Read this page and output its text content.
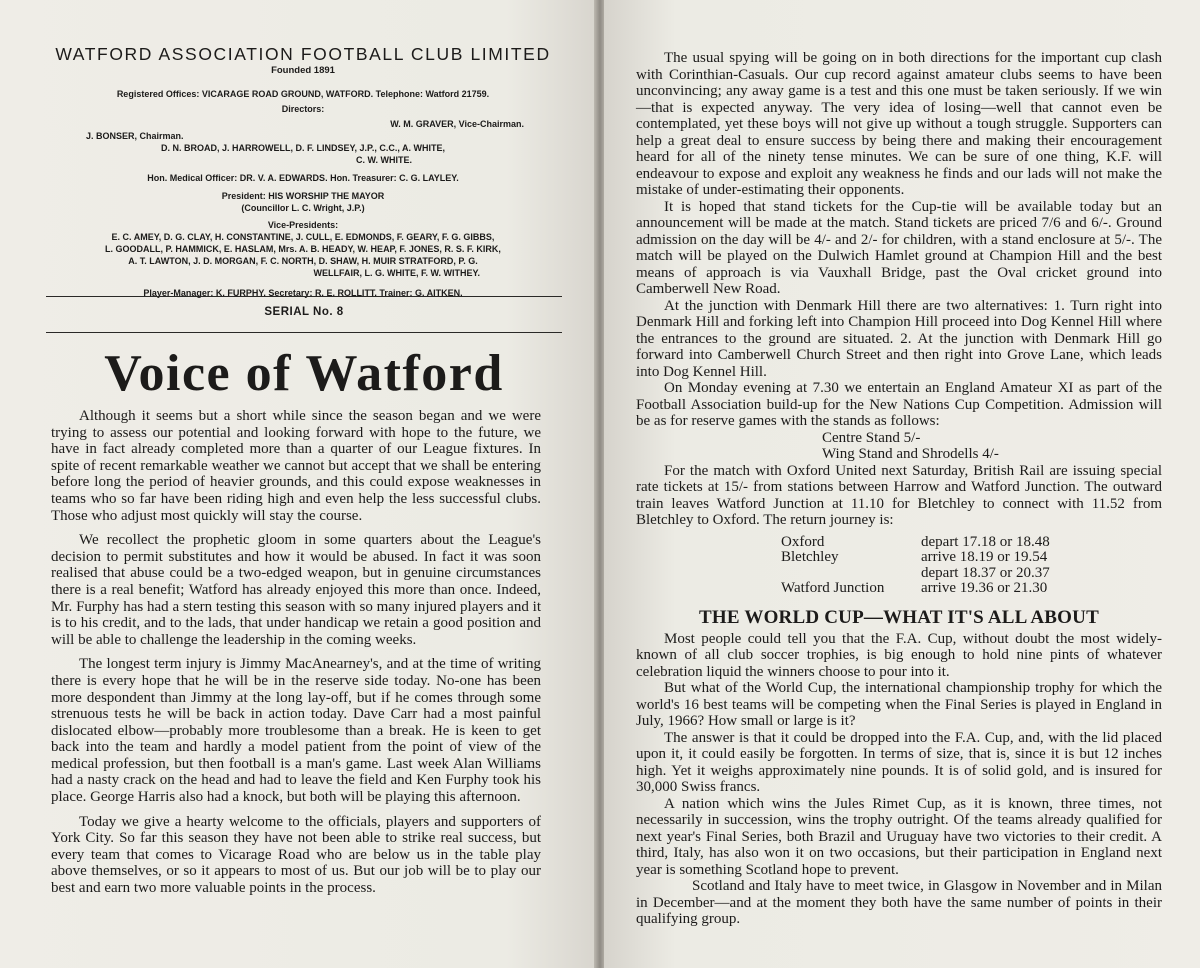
WATFORD ASSOCIATION FOOTBALL CLUB LIMITED
Founded 1891
Registered Offices: VICARAGE ROAD GROUND, WATFORD. Telephone: Watford 21759.
Directors:
W. M. GRAVER, Vice-Chairman.
J. BONSER, Chairman.
D. N. BROAD, J. HARROWELL, D. F. LINDSEY, J.P., C.C., A. WHITE,
C. W. WHITE.
Hon. Medical Officer: DR. V. A. EDWARDS. Hon. Treasurer: C. G. LAYLEY.
President: HIS WORSHIP THE MAYOR
(Councillor L. C. Wright, J.P.)
Vice-Presidents:
E. C. AMEY, D. G. CLAY, H. CONSTANTINE, J. CULL, E. EDMONDS, F. GEARY, F. G. GIBBS,
L. GOODALL, P. HAMMICK, E. HASLAM, Mrs. A. B. HEADY, W. HEAP, F. JONES, R. S. F. KIRK,
A. T. LAWTON, J. D. MORGAN, F. C. NORTH, D. SHAW, H. MUIR STRATFORD, P. G.
WELLFAIR, L. G. WHITE, F. W. WITHEY.
Player-Manager: K. FURPHY. Secretary: R. E. ROLLITT. Trainer: G. AITKEN.
SERIAL No. 8
Voice of Watford

Although it seems but a short while since the season began and we were trying to assess our potential and looking forward with hope to the future, we have in fact already completed more than a quarter of our League fixtures. In spite of recent remarkable weather we cannot but accept that we shall be entering before long the period of heavier grounds, and this could expose weaknesses in teams who so far have been riding high and even help the less successful clubs. Those who adjust most quickly will stay the course.

We recollect the prophetic gloom in some quarters about the League's decision to permit substitutes and how it would be abused. In fact it was soon realised that abuse could be a two-edged weapon, but in genuine circumstances there is a real benefit; Watford has already enjoyed this more than once. Indeed, Mr. Furphy has had a stern testing this season with so many injured players and it is to his credit, and to the lads, that under handicap we retain a good position and will be able to challenge the leadership in the coming weeks.

The longest term injury is Jimmy MacAnearney's, and at the time of writing there is every hope that he will be in the reserve side today. No-one has been more despondent than Jimmy at the long lay-off, but if he comes through some strenuous tests he will be back in action today. Dave Carr had a most painful dislocated elbow—probably more troublesome than a break. He is keen to get back into the team and hardly a model patient from the point of view of the medical profession, but then football is a man's game. Last week Alan Williams had a nasty crack on the head and had to leave the field and Ken Furphy took his place. George Harris also had a knock, but both will be playing this afternoon.

Today we give a hearty welcome to the officials, players and supporters of York City. So far this season they have not been able to strike real success, but every team that comes to Vicarage Road who are below us in the table play above themselves, or so it appears to most of us. But our job will be to play our best and earn two more valuable points in the process.

The usual spying will be going on in both directions for the important cup clash with Corinthian-Casuals. Our cup record against amateur clubs seems to have been unconvincing; any away game is a test and this one must be taken seriously. If we win—that is expected anyway. The very idea of losing—well that cannot even be contemplated, yet these boys will not give up without a tough struggle. Supporters can help a great deal to ensure success by being there and making their encouragement heard for all of the ninety tense minutes. We can be sure of one thing, K.F. will endeavour to expose and exploit any weakness he finds and our lads will not make the mistake of under-estimating their opponents.

It is hoped that stand tickets for the Cup-tie will be available today but an announcement will be made at the match. Stand tickets are priced 7/6 and 6/-. Ground admission on the day will be 4/- and 2/- for children, with a stand enclosure at 5/-. The match will be played on the Dulwich Hamlet ground at Champion Hill and the best means of approach is via Vauxhall Bridge, past the Oval cricket ground into Camberwell New Road.

At the junction with Denmark Hill there are two alternatives: 1. Turn right into Denmark Hill and forking left into Champion Hill proceed into Dog Kennel Hill where the entrances to the ground are situated. 2. At the junction with Denmark Hill go forward into Camberwell Church Street and then right into Grove Lane, which leads into Dog Kennel Hill.

On Monday evening at 7.30 we entertain an England Amateur XI as part of the Football Association build-up for the New Nations Cup Competition. Admission will be as for reserve games with the stands as follows:

Centre Stand 5/-
Wing Stand and Shrodells 4/-

For the match with Oxford United next Saturday, British Rail are issuing special rate tickets at 15/- from stations between Harrow and Watford Junction. The outward train leaves Watford Junction at 11.10 for Bletchley to connect with 11.52 from Bletchley to Oxford. The return journey is:

Oxford	depart 17.18 or 18.48
Bletchley	arrive 18.19 or 19.54
	depart 18.37 or 20.37
Watford Junction	arrive 19.36 or 21.30
THE WORLD CUP—WHAT IT'S ALL ABOUT

Most people could tell you that the F.A. Cup, without doubt the most widely-known of all club soccer trophies, is big enough to hold nine pints of whatever celebration liquid the winners choose to pour into it.

But what of the World Cup, the international championship trophy for which the world's 16 best teams will be competing when the Final Series is played in England in July, 1966? How small or large is it?

The answer is that it could be dropped into the F.A. Cup, and, with the lid placed upon it, it could easily be forgotten. In terms of size, that is, since it is but 12 inches high. Yet it weighs approximately nine pounds. It is of solid gold, and is insured for 30,000 Swiss francs.

A nation which wins the Jules Rimet Cup, as it is known, three times, not necessarily in succession, wins the trophy outright. Of the teams already qualified for next year's Final Series, both Brazil and Uruguay have two victories to their credit. A third, Italy, has also won it on two occasions, but their participation in England next year is something Scotland hope to prevent.

Scotland and Italy have to meet twice, in Glasgow in November and in Milan in December—and at the moment they both have the same number of points in their qualifying group.
